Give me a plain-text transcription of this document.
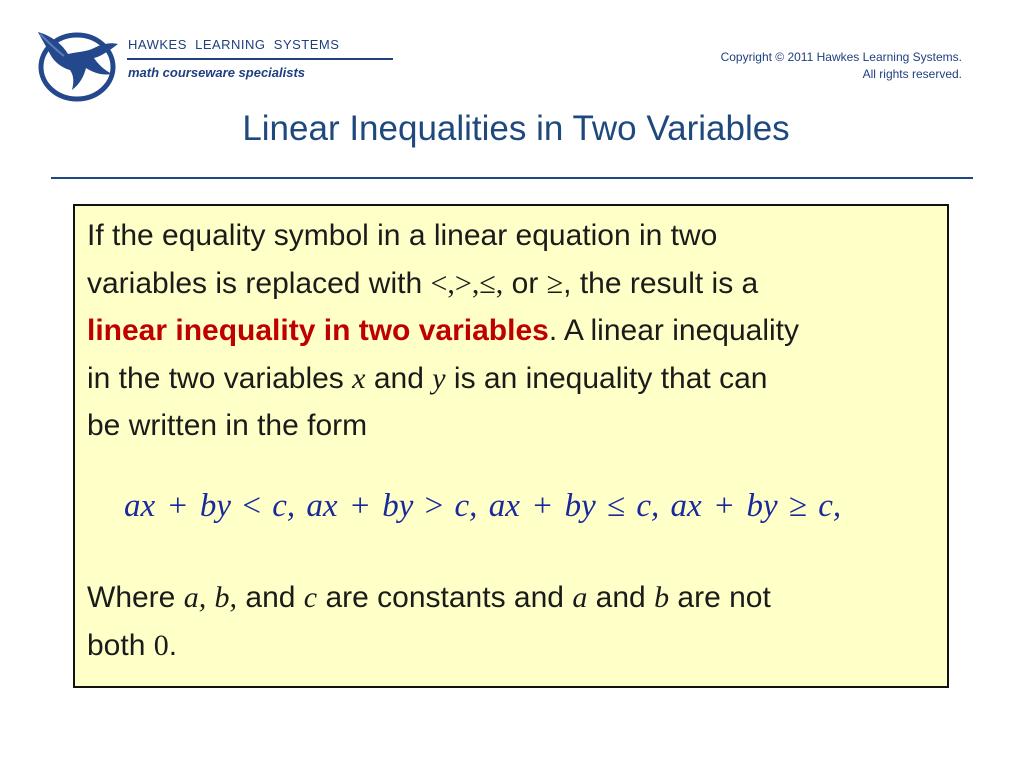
HAWKES  LEARNING  SYSTEMS
math courseware specialists
Copyright © 2011 Hawkes Learning Systems.
All rights reserved.
Linear Inequalities in Two Variables

If the equality symbol in a linear equation in two
variables is replaced with <,>,≤, or ≥, the result is a
linear inequality in two variables. A linear inequality
in the two variables x and y is an inequality that can
be written in the form

ax + by < c, ax + by > c, ax + by ≤ c, ax + by ≥ c,

Where a, b, and c are constants and a and b are not
both 0.
